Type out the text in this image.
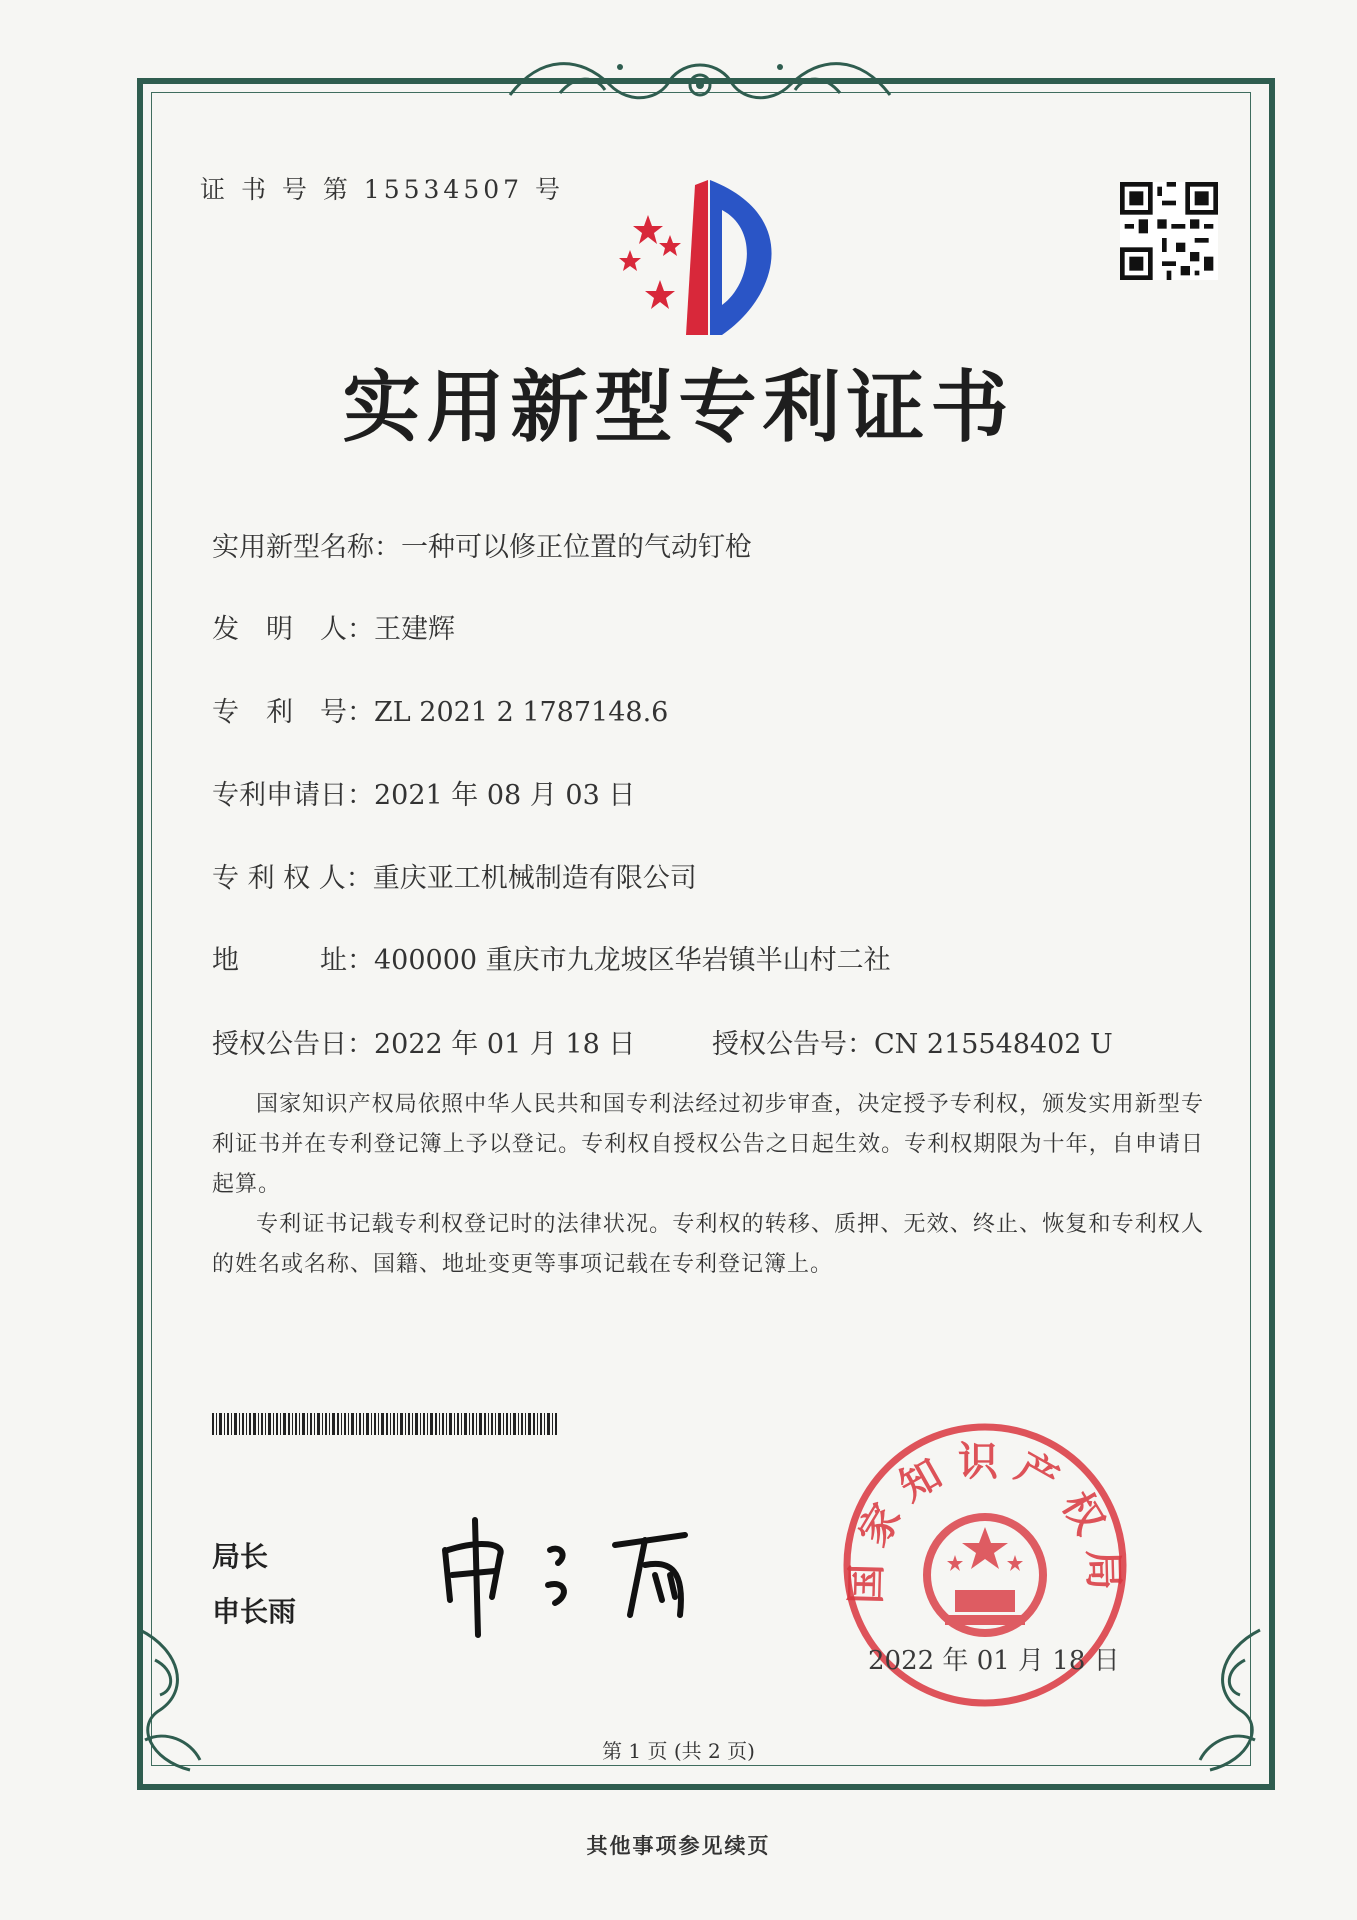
证 书 号 第 15534507 号
实用新型专利证书
实用新型名称：一种可以修正位置的气动钉枪
发　明　人：王建辉
专　利　号：ZL 2021 2 1787148.6
专利申请日：2021 年 08 月 03 日
专 利 权 人：重庆亚工机械制造有限公司
地　　　址：400000 重庆市九龙坡区华岩镇半山村二社
授权公告日：2022 年 01 月 18 日	授权公告号：CN 215548402 U
国家知识产权局依照中华人民共和国专利法经过初步审查，决定授予专利权，颁发实用新型专利证书并在专利登记簿上予以登记。专利权自授权公告之日起生效。专利权期限为十年，自申请日起算。
专利证书记载专利权登记时的法律状况。专利权的转移、质押、无效、终止、恢复和专利权人的姓名或名称、国籍、地址变更等事项记载在专利登记簿上。
局长
申长雨
国家知识产权局
2022 年 01 月 18 日
第 1 页 (共 2 页)
其他事项参见续页
